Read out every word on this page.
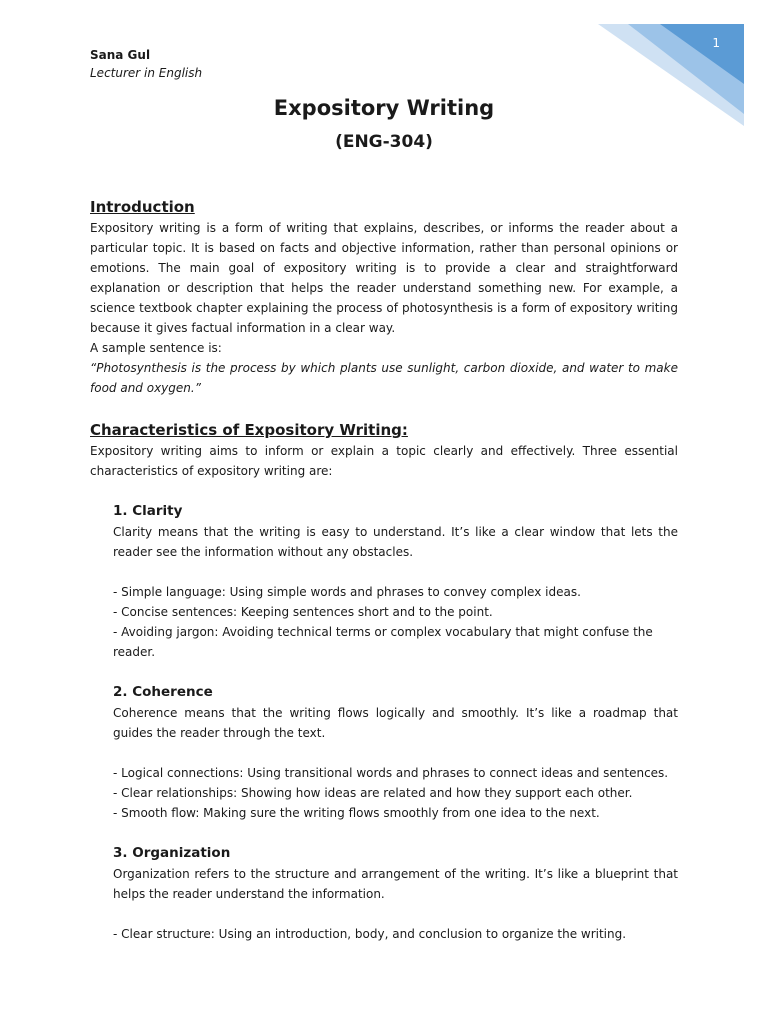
1
Sana Gul
Lecturer in English
Expository Writing
(ENG-304)
Introduction

Expository writing is a form of writing that explains, describes, or informs the reader about a particular topic. It is based on facts and objective information, rather than personal opinions or emotions. The main goal of expository writing is to provide a clear and straightforward explanation or description that helps the reader understand something new. For example, a science textbook chapter explaining the process of photosynthesis is a form of expository writing because it gives factual information in a clear way.

A sample sentence is:

“Photosynthesis is the process by which plants use sunlight, carbon dioxide, and water to make food and oxygen.”

Characteristics of Expository Writing:

Expository writing aims to inform or explain a topic clearly and effectively. Three essential characteristics of expository writing are:

1. Clarity

Clarity means that the writing is easy to understand. It’s like a clear window that lets the reader see the information without any obstacles.

- Simple language: Using simple words and phrases to convey complex ideas.
- Concise sentences: Keeping sentences short and to the point.
- Avoiding jargon: Avoiding technical terms or complex vocabulary that might confuse the reader.
2. Coherence

Coherence means that the writing flows logically and smoothly. It’s like a roadmap that guides the reader through the text.

- Logical connections: Using transitional words and phrases to connect ideas and sentences.
- Clear relationships: Showing how ideas are related and how they support each other.
- Smooth flow: Making sure the writing flows smoothly from one idea to the next.
3. Organization

Organization refers to the structure and arrangement of the writing. It’s like a blueprint that helps the reader understand the information.

- Clear structure: Using an introduction, body, and conclusion to organize the writing.
